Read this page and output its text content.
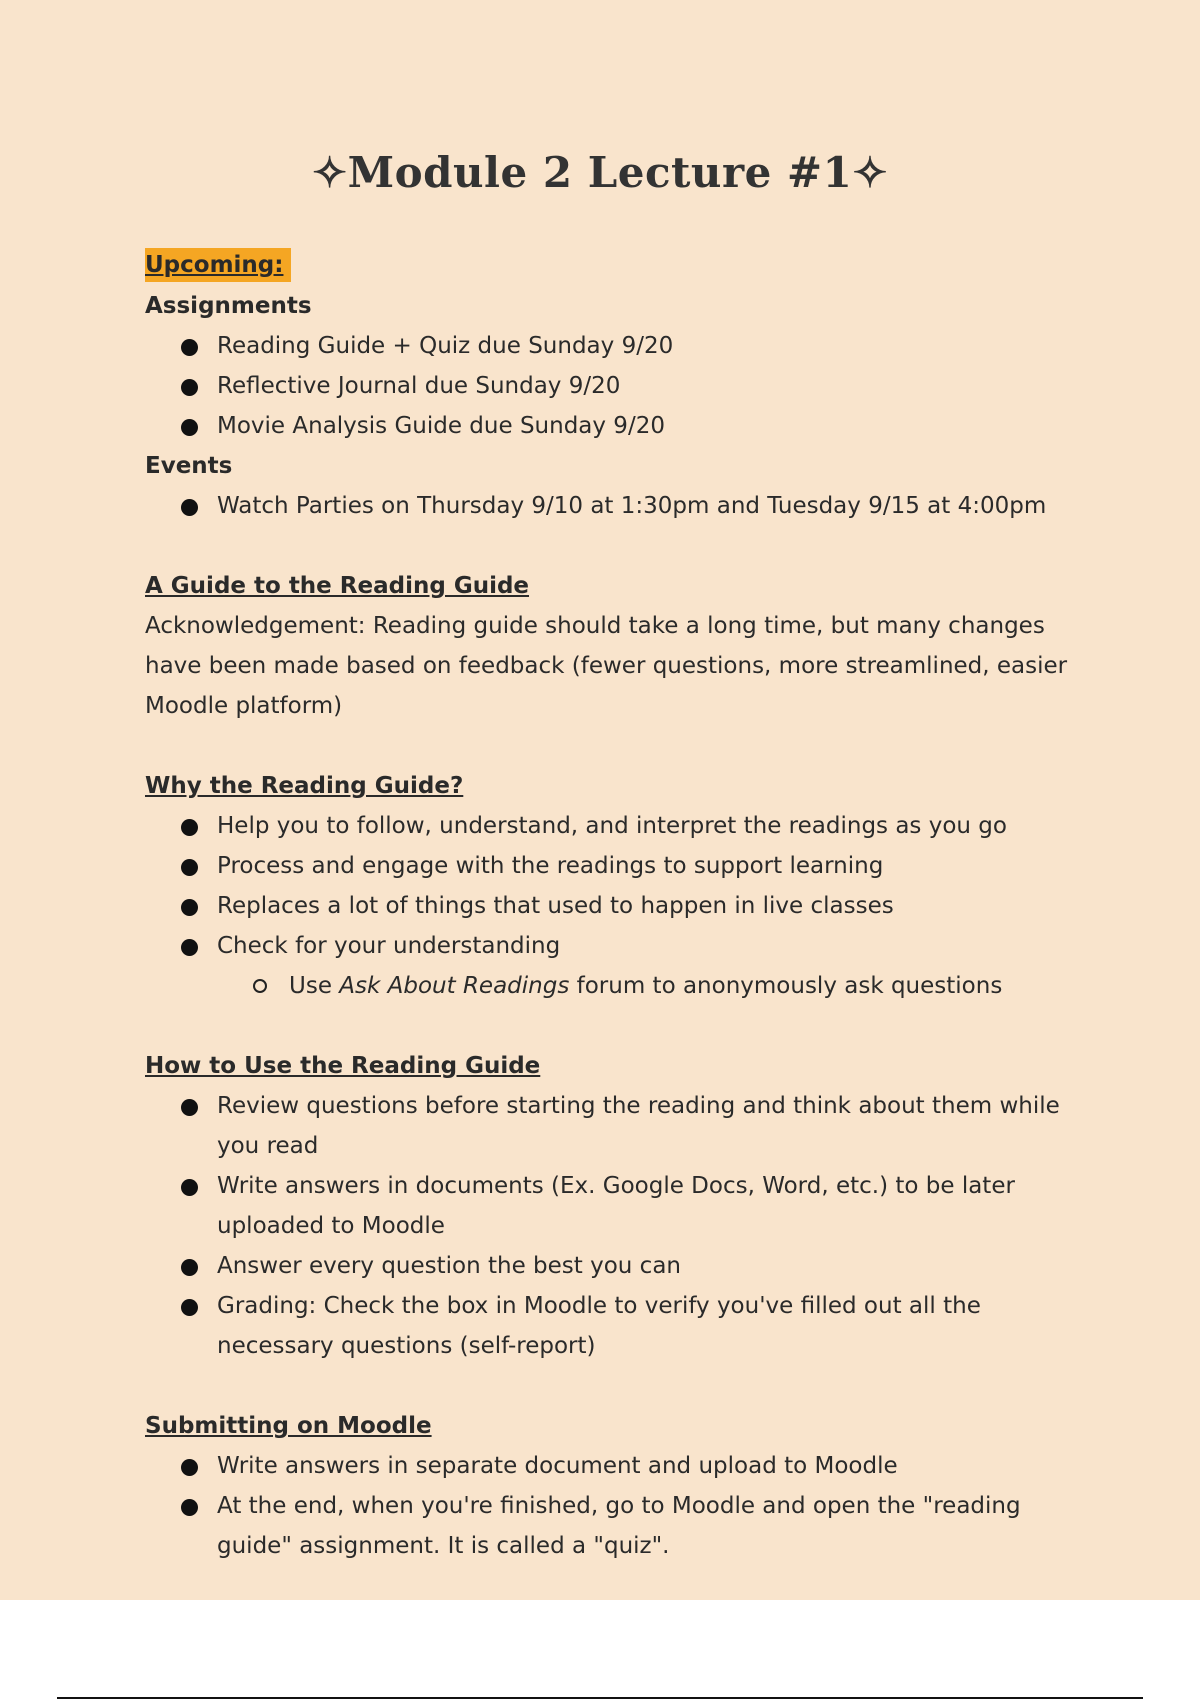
✧Module 2 Lecture #1✧
Upcoming:
Assignments
Reading Guide + Quiz due Sunday 9/20
Reflective Journal due Sunday 9/20
Movie Analysis Guide due Sunday 9/20
Events
Watch Parties on Thursday 9/10 at 1:30pm and Tuesday 9/15 at 4:00pm
A Guide to the Reading Guide
Acknowledgement: Reading guide should take a long time, but many changes have been made based on feedback (fewer questions, more streamlined, easier Moodle platform)
Why the Reading Guide?
Help you to follow, understand, and interpret the readings as you go
Process and engage with the readings to support learning
Replaces a lot of things that used to happen in live classes
Check for your understanding
Use Ask About Readings forum to anonymously ask questions
How to Use the Reading Guide
Review questions before starting the reading and think about them while you read
Write answers in documents (Ex. Google Docs, Word, etc.) to be later uploaded to Moodle
Answer every question the best you can
Grading: Check the box in Moodle to verify you've filled out all the necessary questions (self-report)
Submitting on Moodle
Write answers in separate document and upload to Moodle
At the end, when you're finished, go to Moodle and open the "reading guide" assignment. It is called a "quiz".
